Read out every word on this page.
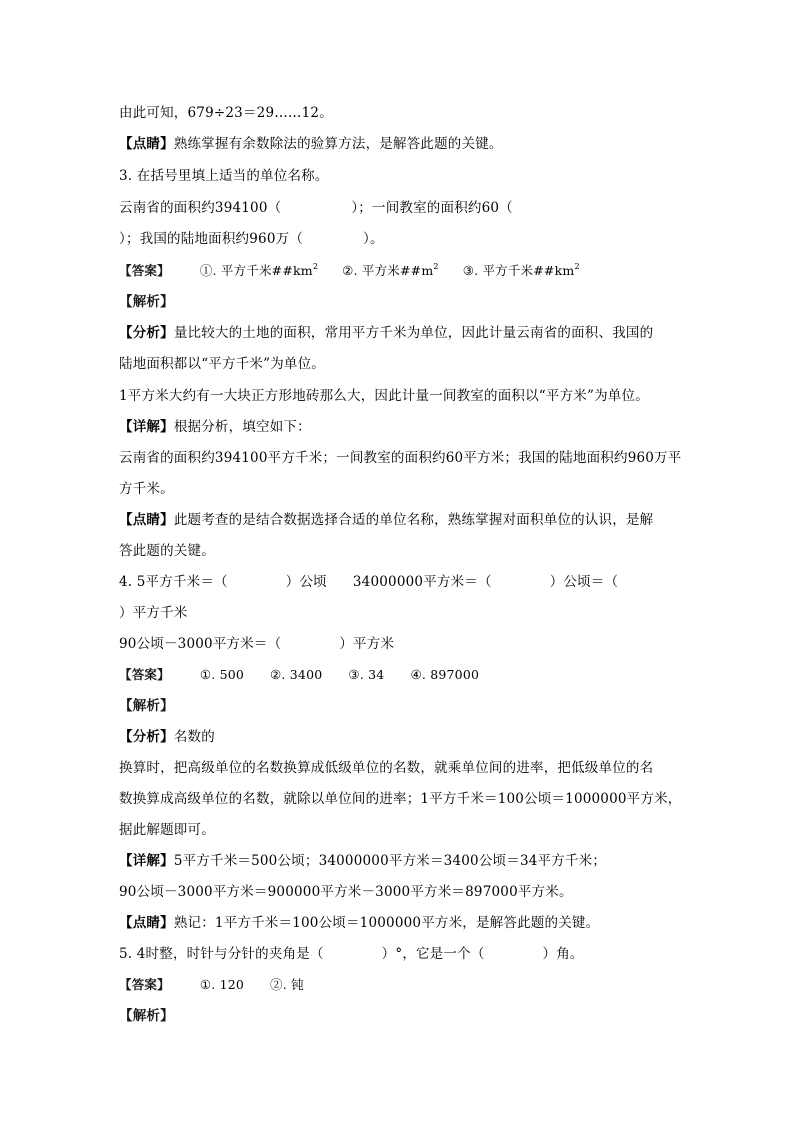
由此可知，679÷23＝29……12。
【点睛】熟练掌握有余数除法的验算方法，是解答此题的关键。
3. 在括号里填上适当的单位名称。
云南省的面积约394100（	）；一间教室的面积约60（
）；我国的陆地面积约960万（	）。
【答案】 ①. 平方千米$\#\#km^2$ ②. 平方米$\#\#m^2$ ③. 平方千米$\#\#km^2$
【解析】
【分析】量比较大的土地的面积，常用平方千米为单位，因此计量云南省的面积、我国的
陆地面积都以“平方千米”为单位。
1平方米大约有一大块正方形地砖那么大，因此计量一间教室的面积以“平方米”为单位。
【详解】根据分析，填空如下：
云南省的面积约394100平方千米；一间教室的面积约60平方米；我国的陆地面积约960万平
方千米。
【点睛】此题考查的是结合数据选择合适的单位名称，熟练掌握对面积单位的认识，是解
答此题的关键。
4. 5平方千米＝（	）公顷 34000000平方米＝（	）公顷＝（
）平方千米
90公顷－3000平方米＝（	）平方米
【答案】 ①. 500 ②. 3400 ③. 34 ④. 897000
【解析】
【分析】名数的
换算时，把高级单位的名数换算成低级单位的名数，就乘单位间的进率，把低级单位的名
数换算成高级单位的名数，就除以单位间的进率；1平方千米＝100公顷＝1000000平方米，
据此解题即可。
【详解】5平方千米＝500公顷；34000000平方米＝3400公顷＝34平方千米；
90公顷－3000平方米＝900000平方米－3000平方米＝897000平方米。
【点睛】熟记：1平方千米＝100公顷＝1000000平方米，是解答此题的关键。
5. 4时整，时针与分针的夹角是（	）°，它是一个（	）角。
【答案】 ①. 120 ②. 钝
【解析】
